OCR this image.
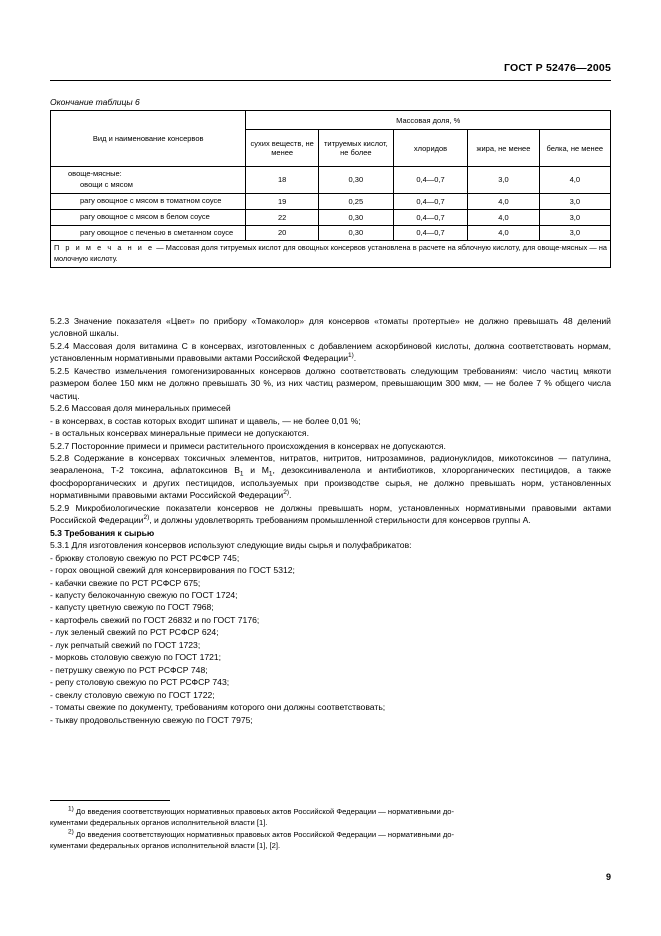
ГОСТ Р 52476—2005
Окончание таблицы 6
Вид и наименование консервов	Массовая доля, %				
	сухих веществ, не менее	титруемых кислот, не более	хлоридов	жира, не менее	белка, не менее

овоще-мясные:
овощи с мясом	18	0,30	0,4—0,7	3,0	4,0

рагу овощное с мясом в томатном соусе	19	0,25	0,4—0,7	4,0	3,0

рагу овощное с мясом в белом соусе	22	0,30	0,4—0,7	4,0	3,0

рагу овощное с печенью в сметанном соусе	20	0,30	0,4—0,7	4,0	3,0
П р и м е ч а н и е — Массовая доля титруемых кислот для овощных консервов установлена в расчете на яблочную кислоту, для овоще-мясных — на молочную кислоту.					

5.2.3 Значение показателя «Цвет» по прибору «Томаколор» для консервов «томаты протертые» не должно превышать 48 делений условной шкалы.

5.2.4 Массовая доля витамина С в консервах, изготовленных с добавлением аскорбиновой кислоты, должна соответствовать нормам, установленным нормативными правовыми актами Российской Федерации$^{1)}$.

5.2.5 Качество измельчения гомогенизированных консервов должно соответствовать следующим требованиям: число частиц мякоти размером более 150 мкм не должно превышать 30 %, из них частиц размером, превышающим 300 мкм, — не более 7 % общего числа частиц.

5.2.6 Массовая доля минеральных примесей

- в консервах, в состав которых входит шпинат и щавель, — не более 0,01 %;

- в остальных консервах минеральные примеси не допускаются.

5.2.7 Посторонние примеси и примеси растительного происхождения в консервах не допускаются.

5.2.8 Содержание в консервах токсичных элементов, нитратов, нитритов, нитрозаминов, радионуклидов, микотоксинов — патулина, зеараленона, Т-2 токсина, афлатоксинов $В_1$ и $М_1$, дезоксиниваленола и антибиотиков, хлорорганических пестицидов, а также фосфорорганических и других пестицидов, используемых при производстве сырья, не должно превышать норм, установленных нормативными правовыми актами Российской Федерации$^{2)}$.

5.2.9 Микробиологические показатели консервов не должны превышать норм, установленных нормативными правовыми актами Российской Федерации$^{2)}$, и должны удовлетворять требованиям промышленной стерильности для консервов группы А.

5.3 Требования к сырью

5.3.1 Для изготовления консервов используют следующие виды сырья и полуфабрикатов:

- брюкву столовую свежую по РСТ РСФСР 745;

- горох овощной свежий для консервирования по ГОСТ 5312;

- кабачки свежие по РСТ РСФСР 675;

- капусту белокочанную свежую по ГОСТ 1724;

- капусту цветную свежую по ГОСТ 7968;

- картофель свежий по ГОСТ 26832 и по ГОСТ 7176;

- лук зеленый свежий по РСТ РСФСР 624;

- лук репчатый свежий по ГОСТ 1723;

- морковь столовую свежую по ГОСТ 1721;

- петрушку свежую по РСТ РСФСР 748;

- репу столовую свежую по РСТ РСФСР 743;

- свеклу столовую свежую по ГОСТ 1722;

- томаты свежие по документу, требованиям которого они должны соответствовать;

- тыкву продовольственную свежую по ГОСТ 7975;

$^{1)}$ До введения соответствующих нормативных правовых актов Российской Федерации — нормативными до-

кументами федеральных органов исполнительной власти [1].

$^{2)}$ До введения соответствующих нормативных правовых актов Российской Федерации — нормативными до-

кументами федеральных органов исполнительной власти [1], [2].

9
